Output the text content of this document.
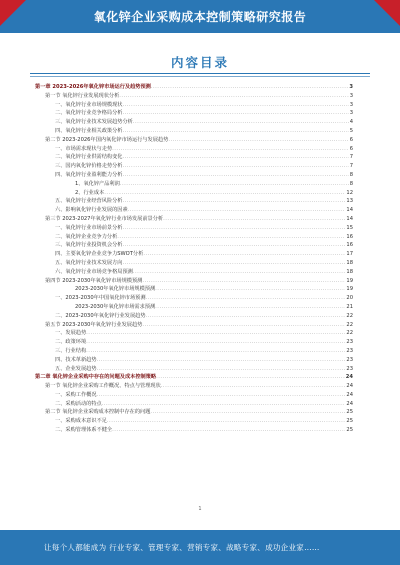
氧化锌企业采购成本控制策略研究报告
内容目录
第一章 2023-2026年氧化锌市场运行及趋势预测 .....	3
第一节 氧化锌行业发展现状分析 .....	3
一、氧化锌行业市场规模现状 .....	3
二、氧化锌行业竞争格局分析 .....	3
三、氧化锌行业技术发展趋势分析 .....	4
四、氧化锌行业相关政策分析 .....	5
第二节 2023-2026年国内氧化锌市场运行与发展趋势 .....	6
一、市场需求现状与走势 .....	6
二、氧化锌行业供需结构变化 .....	7
三、国内氧化锌价格走势分析 .....	7
四、氧化锌行业盈利能力分析 .....	8
1、氧化锌产品利润 .....	8
2、行业成本 .....	12
五、氧化锌行业经营风险分析 .....	13
六、影响氧化锌行业发展的因素 .....	14
第三节 2023-2027年氧化锌行业市场发展前景分析 .....	14
一、氧化锌行业市场前景分析 .....	15
二、氧化锌企业竞争力分析 .....	16
三、氧化锌行业投资机会分析 .....	16
四、主要氧化锌企业竞争力SWOT分析 .....	17
五、氧化锌行业技术发展方向 .....	18
六、氧化锌行业市场竞争格局预测 .....	18
第四节 2023-2030年氧化锌市场规模预测 .....	19
2023-2030年氧化锌市场规模预测 .....	19
一、2023-2030年中国氧化锌市场预测 .....	20
2023-2030年氧化锌市场需求预测 .....	21
二、2023-2030年氧化锌行业发展趋势 .....	22
第五节 2023-2030年氧化锌行业发展趋势 .....	22
一、发展趋势 .....	22
二、政策环境 .....	23
三、行业结构 .....	23
四、技术革新趋势 .....	23
五、企业发展趋势 .....	23
第二章 氧化锌企业采购中存在的问题及成本控制策略 .....	24
第一节 氧化锌企业采购工作概况、特点与管理现状 .....	24
一、采购工作概况 .....	24
二、采购活动的特点 .....	24
第二节 氧化锌企业采购成本控制中存在的问题 .....	25
一、采购成本意识不足 .....	25
二、采购管理体系不健全 .....	25
1
让每个人都能成为 行业专家、管理专家、营销专家、战略专家、成功企业家……
